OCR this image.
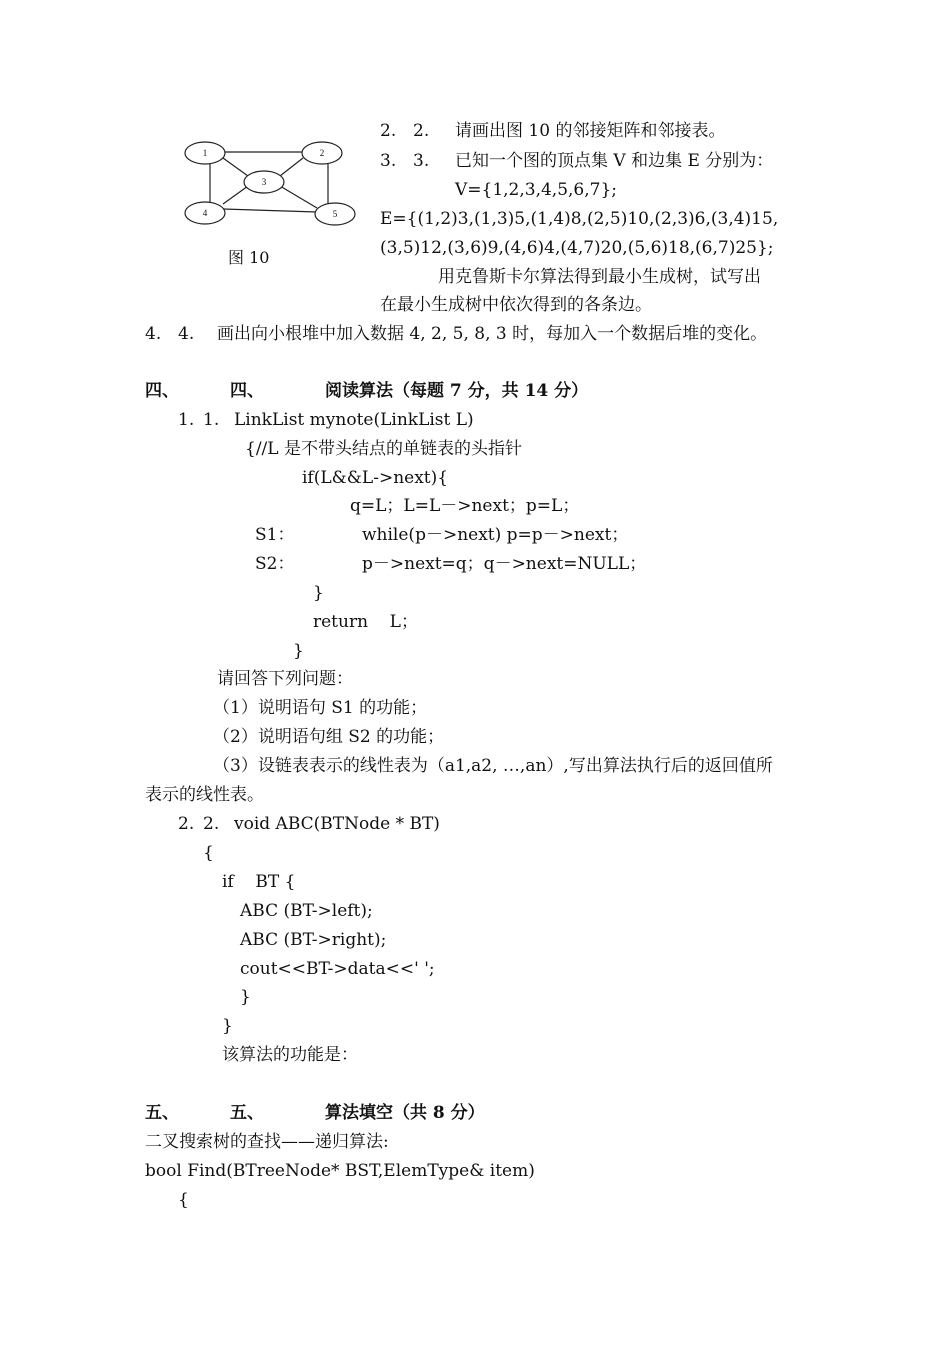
1	2
3
4	5
图 10
2. 2. 请画出图 10 的邻接矩阵和邻接表。
3. 3. 已知一个图的顶点集 V 和边集 E 分别为：
V={1,2,3,4,5,6,7};
E={(1,2)3,(1,3)5,(1,4)8,(2,5)10,(2,3)6,(3,4)15,
(3,5)12,(3,6)9,(4,6)4,(4,7)20,(5,6)18,(6,7)25};
用克鲁斯卡尔算法得到最小生成树，试写出
在最小生成树中依次得到的各条边。
4. 4. 画出向小根堆中加入数据 4, 2, 5, 8, 3 时，每加入一个数据后堆的变化。
四、	四、	阅读算法（每题 7 分，共 14 分）
1. 1. LinkList mynote(LinkList L)
{//L 是不带头结点的单链表的头指针
if(L&&L->next){
q=L；L=L－>next；p=L；
S1：	while(p－>next) p=p－>next；
S2：	p－>next=q；q－>next=NULL；
}
return    L；
}
请回答下列问题：
（1）说明语句 S1 的功能；
（2）说明语句组 S2 的功能；
（3）设链表表示的线性表为（a1,a2, …,an）,写出算法执行后的返回值所
表示的线性表。
2. 2. void ABC(BTNode * BT)
{
if    BT {
ABC (BT->left);
ABC (BT->right);
cout<<BT->data<<' ';
}
}
该算法的功能是：
五、	五、	算法填空（共 8 分）
二叉搜索树的查找——递归算法:
bool Find(BTreeNode* BST,ElemType& item)
{
